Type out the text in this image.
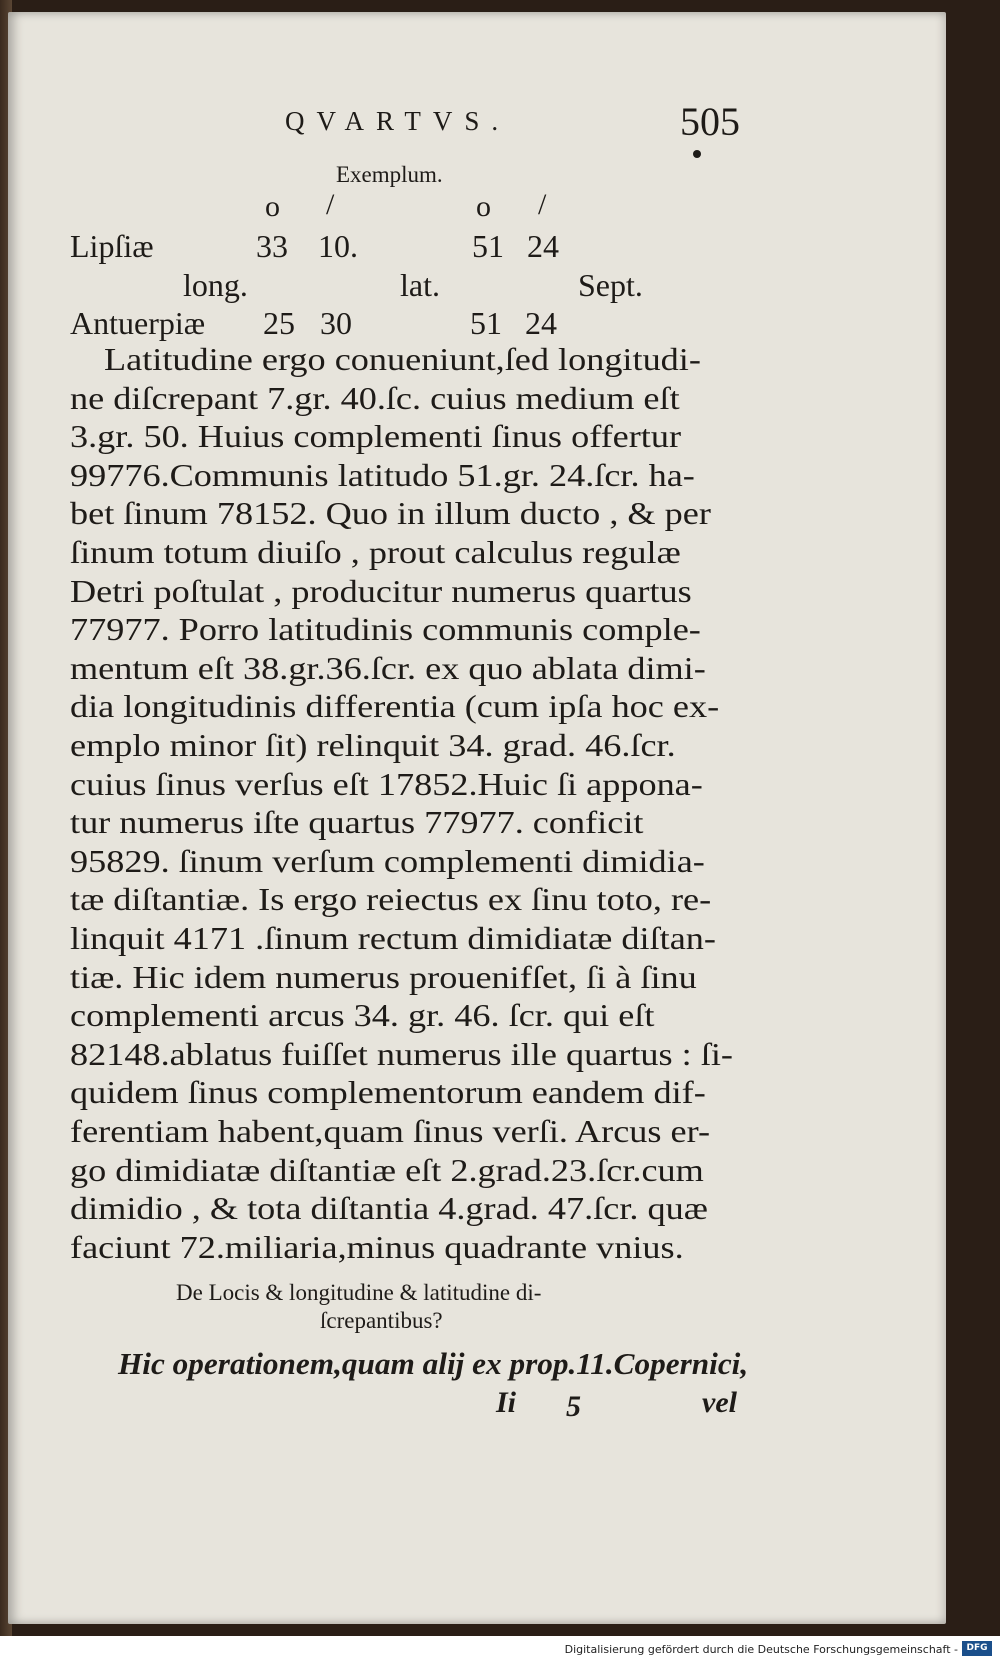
QVARTVS.	505
Exemplum.
o /	o /
Lipſiæ	33 10.	51 24
long.	lat.	Sept.
Antuerpiæ 25 30	51 24
Latitudine ergo conueniunt,ſed longitudi-
ne diſcrepant 7.gr. 40.ſc. cuius medium eſt
3.gr. 50. Huius complementi ſinus offertur
99776.Communis latitudo 51.gr. 24.ſcr. ha-
bet ſinum 78152. Quo in illum ducto , & per
ſinum totum diuiſo , prout calculus regulæ
Detri poſtulat , producitur numerus quartus
77977. Porro latitudinis communis comple-
mentum eſt 38.gr.36.ſcr. ex quo ablata dimi-
dia longitudinis differentia (cum ipſa hoc ex-
emplo minor ſit) relinquit 34. grad. 46.ſcr.
cuius ſinus verſus eſt 17852.Huic ſi appona-
tur numerus iſte quartus 77977. conficit
95829. ſinum verſum complementi dimidia-
tæ diſtantiæ. Is ergo reiectus ex ſinu toto, re-
linquit 4171 .ſinum rectum dimidiatæ diſtan-
tiæ. Hic idem numerus prouenifſet, ſi à ſinu
complementi arcus 34. gr. 46. ſcr. qui eſt
82148.ablatus fuiſſet numerus ille quartus : ſi-
quidem ſinus complementorum eandem dif-
ferentiam habent,quam ſinus verſi. Arcus er-
go dimidiatæ diſtantiæ eſt 2.grad.23.ſcr.cum
dimidio , & tota diſtantia 4.grad. 47.ſcr. quæ
faciunt 72.miliaria,minus quadrante vnius.
De Locis & longitudine & latitudine di-
ſcrepantibus?
Hic operationem,quam alij ex prop.11.Copernici,
Ii 5	vel
Digitalisierung gefördert durch die Deutsche Forschungsgemeinschaft - DFG
